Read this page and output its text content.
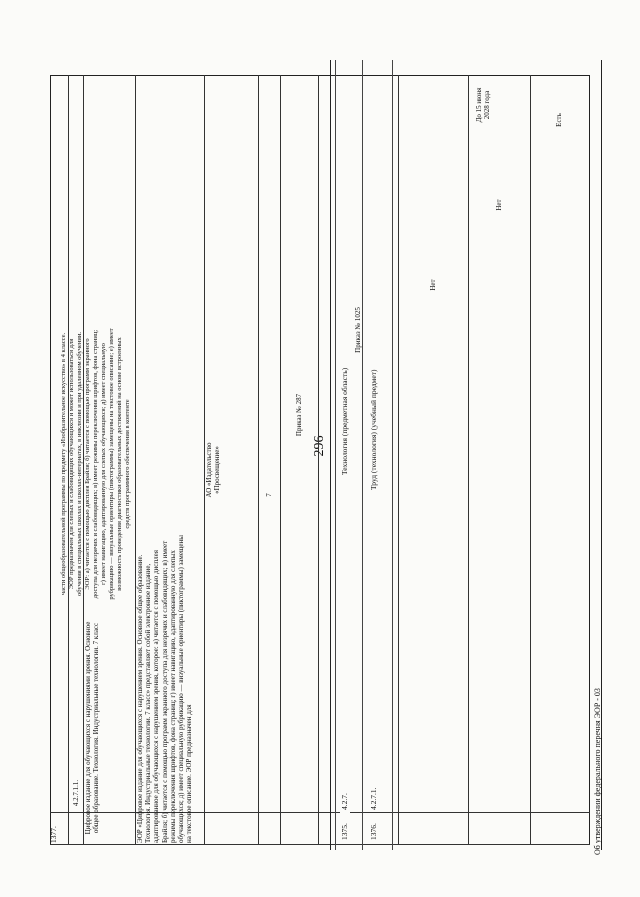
296
1377.
4.2.7.1.1. Цифровое издание для обучающихся с нарушениями зрения. Основное общее образование. Технология. Индустриальные технологии. 7 класс	ЭОР «Цифровое издание для обучающихся с нарушением зрения. Основное общее образование. Технология. Индустриальные технологии. 7 класс» представляет собой электронное издание, адаптированное для обучающихся с нарушением зрения, которое: а) читается с помощью дисплея Брайля; б) читается с помощью программ экранного доступа для незрячих и слабовидящих; в) имеет режимы переключения шрифтов, фона страниц; г) имеет навигацию, адаптированную для слепых обучающихся; д) имеет специальную рубрикацию — визуальные ориентиры (пиктограммы) замещены на текстовое описание. ЭОР предназначен для
АО «Издательство «Просвещение»
7
Приказ № 287
Приказ № 1025
Нет
Нет
Есть
1375.
4.2.7.
Технология (предметная область)
1376.
4.2.7.1.
Труд (технология) (учебный предмет)
части общеобразовательной программы по предмету «Изобразительное искусство» в 4 классе. ЭОР предназначен для слепых и слабовидящих обучающихся и может использоваться для обучения в специальных школах и школах-интернатах, в инклюзии и при удаленном обучении. ЭОР: а) читается с помощью дисплея Брайля; б) читается с помощью программ экранного доступа для незрячих и слабовидящих; в) имеет режимы переключения шрифтов, фона страниц; г) имеет навигацию, адаптированную для слепых обучающихся; д) имеет специальную рубрикацию — визуальные ориентиры (пиктограммы) замещены на текстовое описание; е) имеет возможность проведения диагностики образовательных достижений на основе встроенных средств программного обеспечения в контенте
До 15 июня 2028 года
Об утверждении федерального перечня ЭОР - 03
